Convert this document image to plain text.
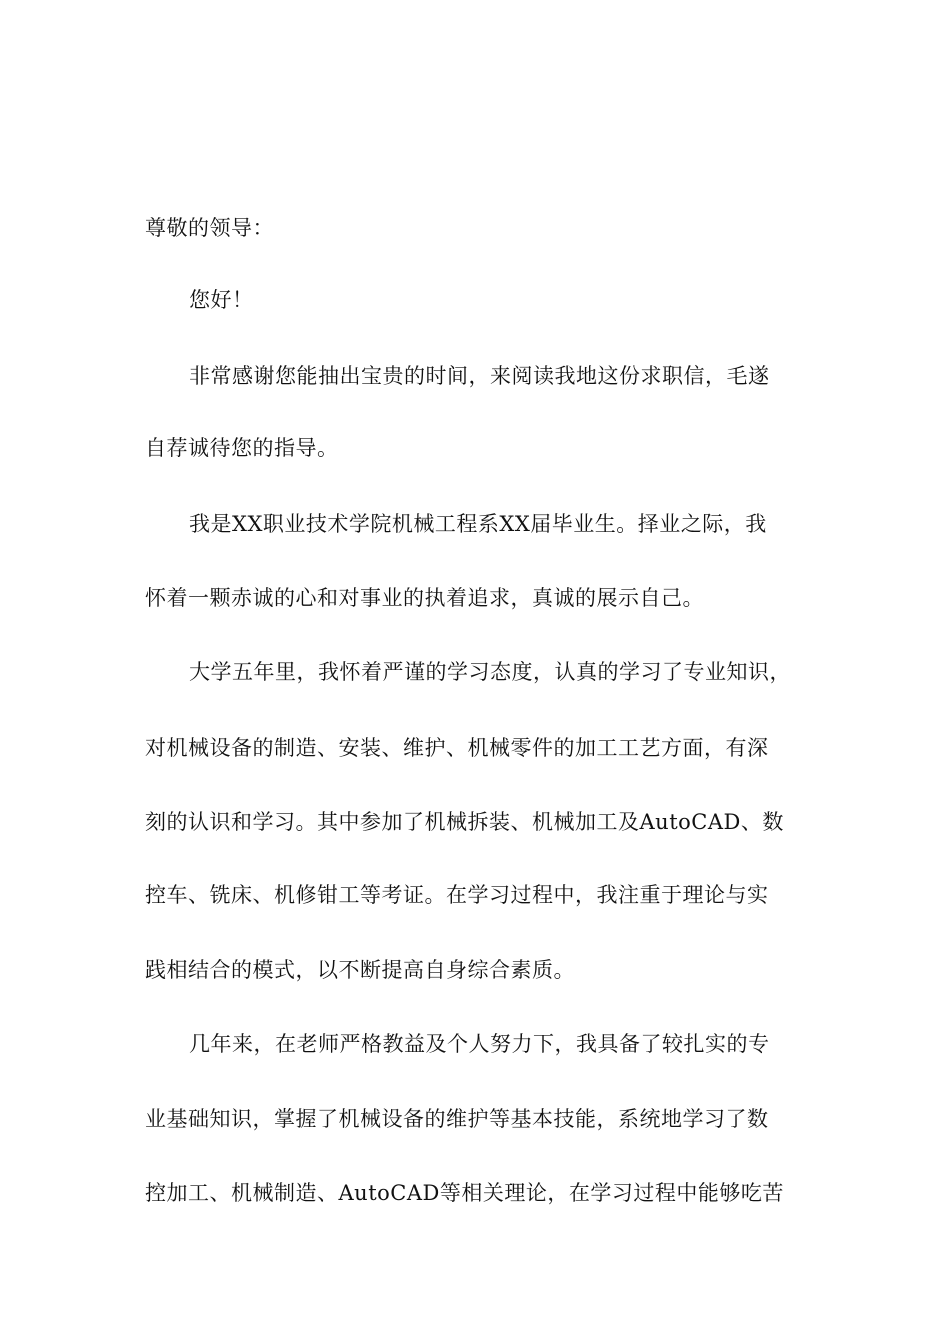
尊敬的领导：
您好！
非常感谢您能抽出宝贵的时间，来阅读我地这份求职信，毛遂
自荐诚待您的指导。
我是XX职业技术学院机械工程系XX届毕业生。择业之际，我
怀着一颗赤诚的心和对事业的执着追求，真诚的展示自己。
大学五年里，我怀着严谨的学习态度，认真的学习了专业知识，
对机械设备的制造、安装、维护、机械零件的加工工艺方面，有深
刻的认识和学习。其中参加了机械拆装、机械加工及AutoCAD、数
控车、铣床、机修钳工等考证。在学习过程中，我注重于理论与实
践相结合的模式，以不断提高自身综合素质。
几年来，在老师严格教益及个人努力下，我具备了较扎实的专
业基础知识，掌握了机械设备的维护等基本技能，系统地学习了数
控加工、机械制造、AutoCAD等相关理论，在学习过程中能够吃苦
